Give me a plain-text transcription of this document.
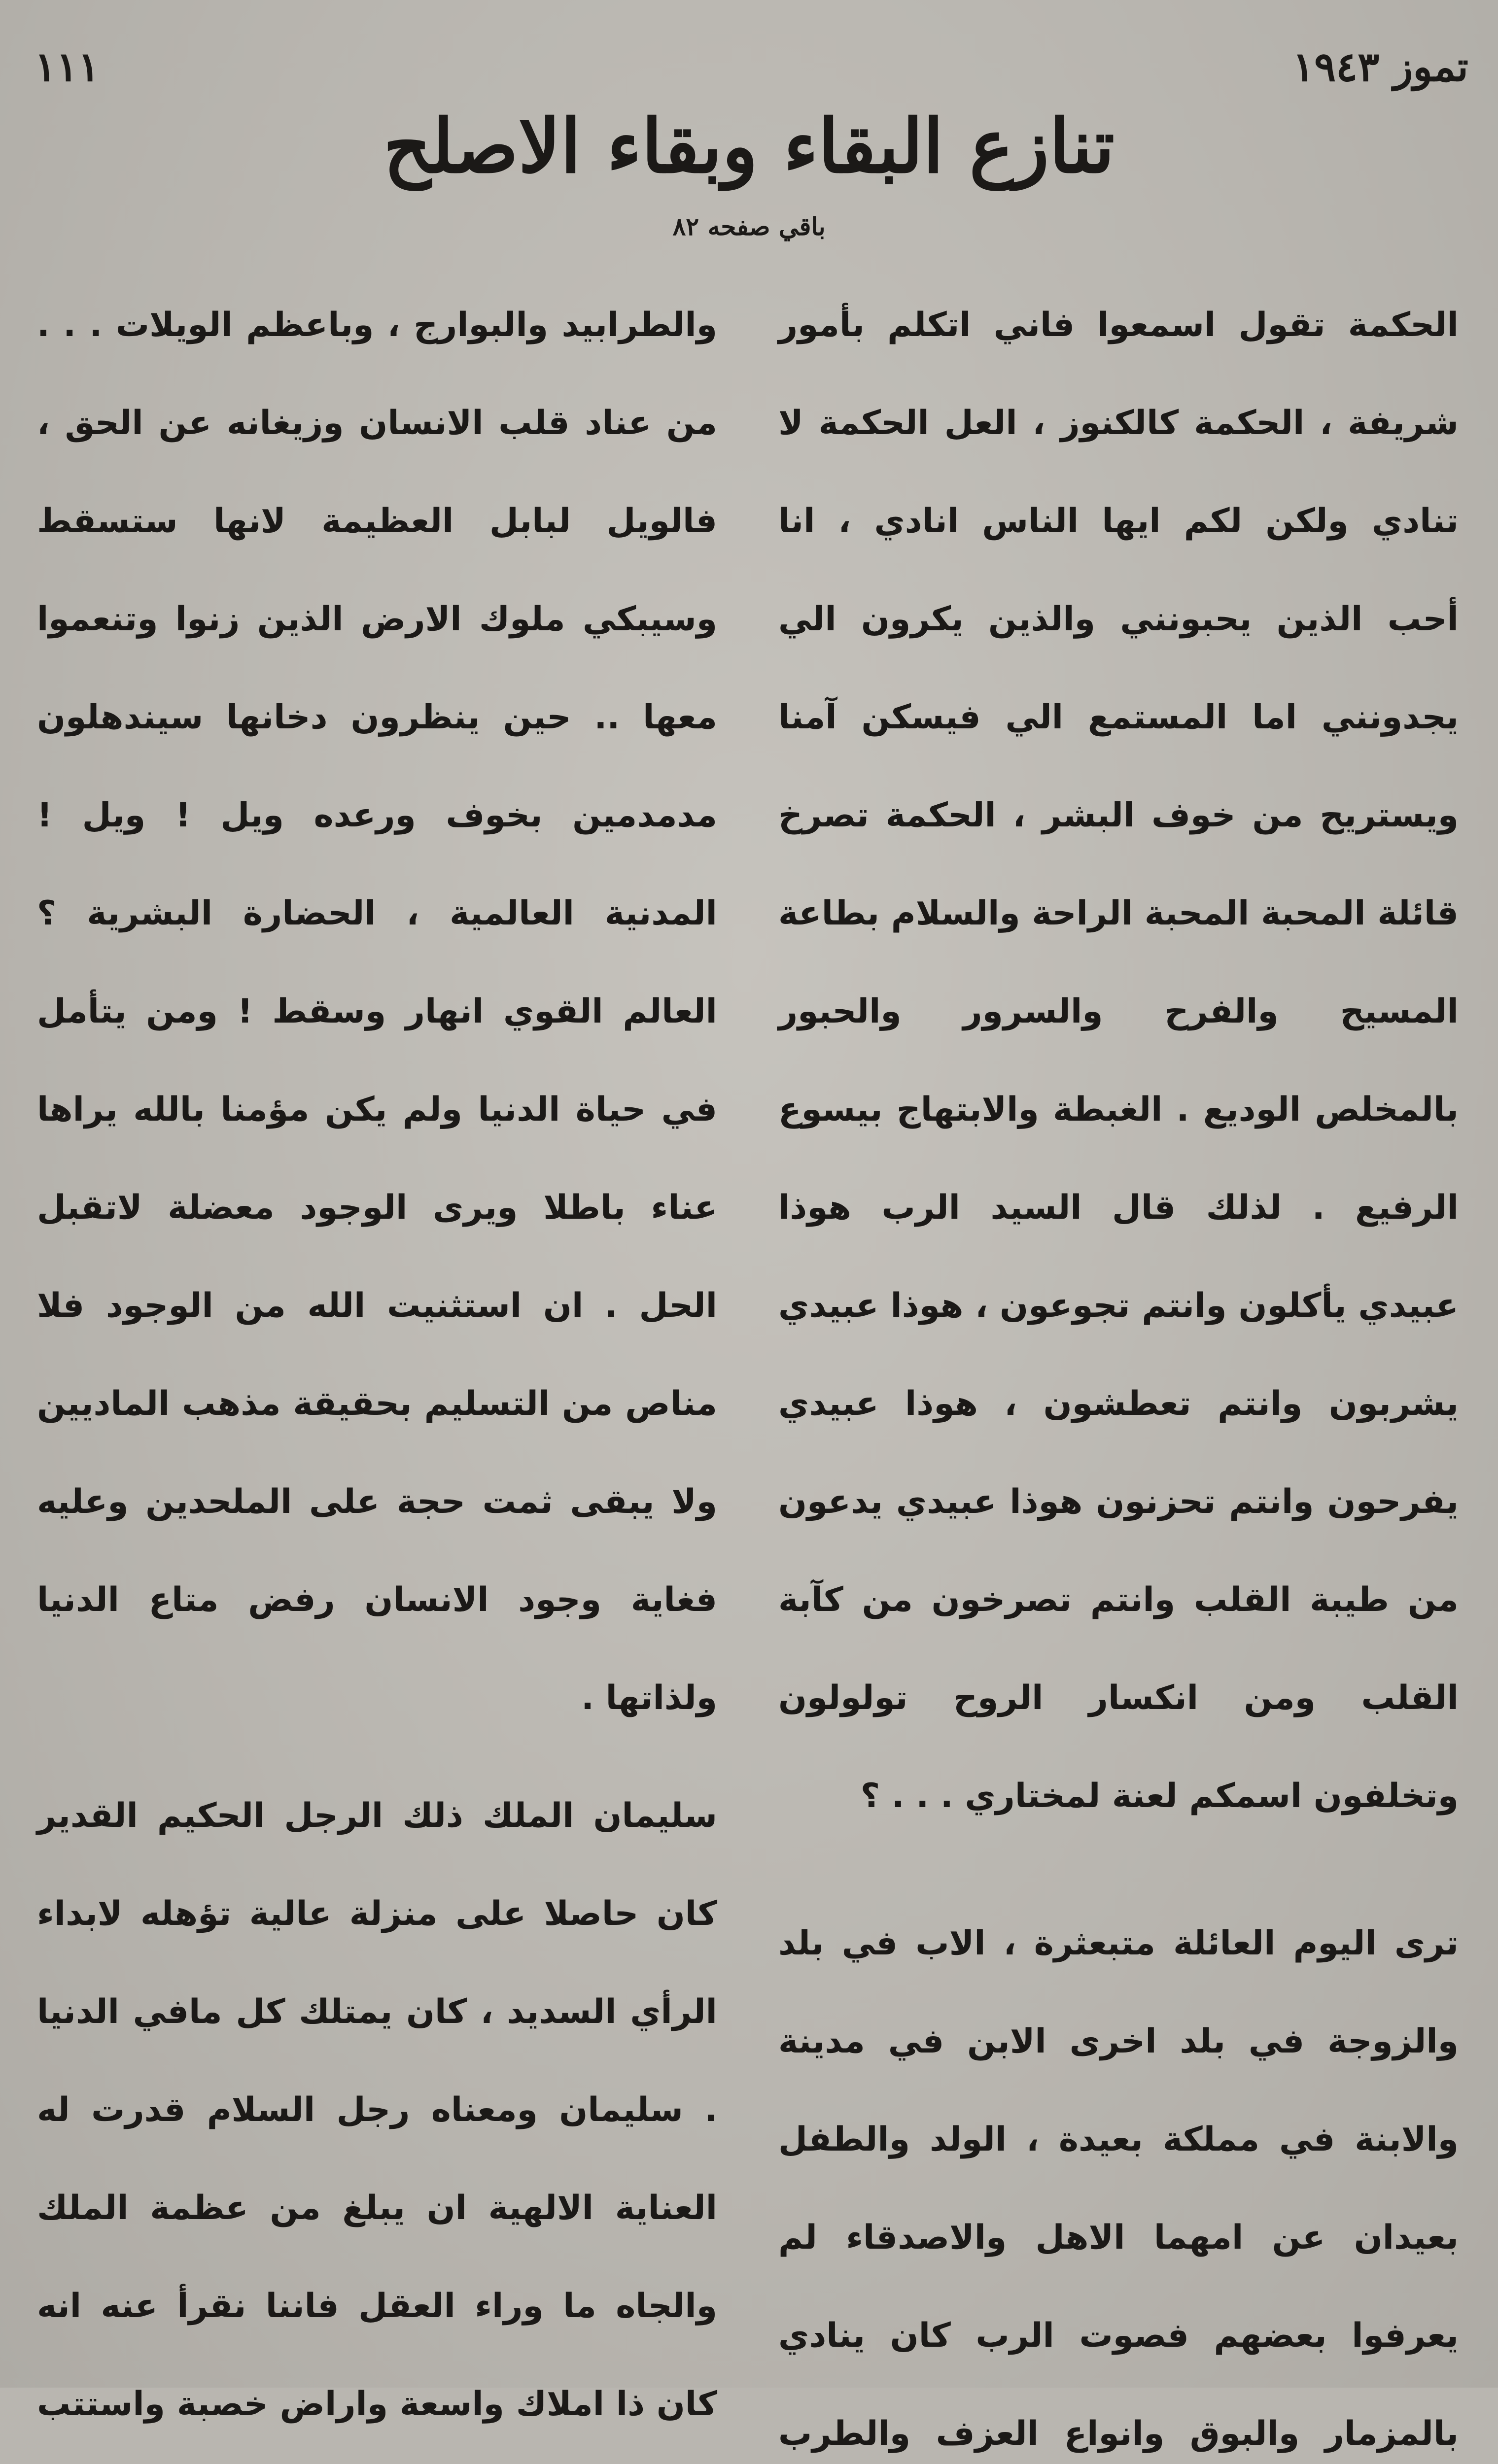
١١١	تموز ١٩٤٣
تنازع البقاء وبقاء الاصلح
باقي صفحه ٨٢

الحكمة تقول اسمعوا فاني اتكلم بأمور شريفة ، الحكمة كالكنوز ، العل الحكمة لا تنادي ولكن لكم ايها الناس انادي ، انا أحب الذين يحبونني والذين يكرون الي يجدونني اما المستمع الي فيسكن آمنا ويستريح من خوف البشر ، الحكمة تصرخ قائلة المحبة المحبة الراحة والسلام بطاعة المسيح والفرح والسرور والحبور بالمخلص الوديع . الغبطة والابتهاج بيسوع الرفيع . لذلك قال السيد الرب هوذا عبيدي يأكلون وانتم تجوعون ، هوذا عبيدي يشربون وانتم تعطشون ، هوذا عبيدي يفرحون وانتم تحزنون هوذا عبيدي يدعون من طيبة القلب وانتم تصرخون من كآبة القلب ومن انكسار الروح تولولون وتخلفون اسمكم لعنة لمختاري . . . ؟

ترى اليوم العائلة متبعثرة ، الاب في بلد والزوجة في بلد اخرى الابن في مدينة والابنة في مملكة بعيدة ، الولد والطفل بعيدان عن امهما الاهل والاصدقاء لم يعرفوا بعضهم فصوت الرب كان ينادي بالمزمار والبوق وانواع العزف والطرب

والطرابيد والبوارج ، وباعظم الويلات . . . من عناد قلب الانسان وزيغانه عن الحق ، فالويل لبابل العظيمة لانها ستسقط وسيبكي ملوك الارض الذين زنوا وتنعموا معها .. حين ينظرون دخانها سيندهلون مدمدمين بخوف ورعده ويل ! ويل ! المدنية العالمية ، الحضارة البشرية ؟ العالم القوي انهار وسقط ! ومن يتأمل في حياة الدنيا ولم يكن مؤمنا بالله يراها عناء باطلا ويرى الوجود معضلة لاتقبل الحل . ان استثنيت الله من الوجود فلا مناص من التسليم بحقيقة مذهب الماديين ولا يبقى ثمت حجة على الملحدين وعليه فغاية وجود الانسان رفض متاع الدنيا ولذاتها .

سليمان الملك ذلك الرجل الحكيم القدير كان حاصلا على منزلة عالية تؤهله لابداء الرأي السديد ، كان يمتلك كل مافي الدنيا . سليمان ومعناه رجل السلام قدرت له العناية الالهية ان يبلغ من عظمة الملك والجاه ما وراء العقل فاننا نقرأ عنه انه كان ذا املاك واسعة واراض خصبة واستتب
